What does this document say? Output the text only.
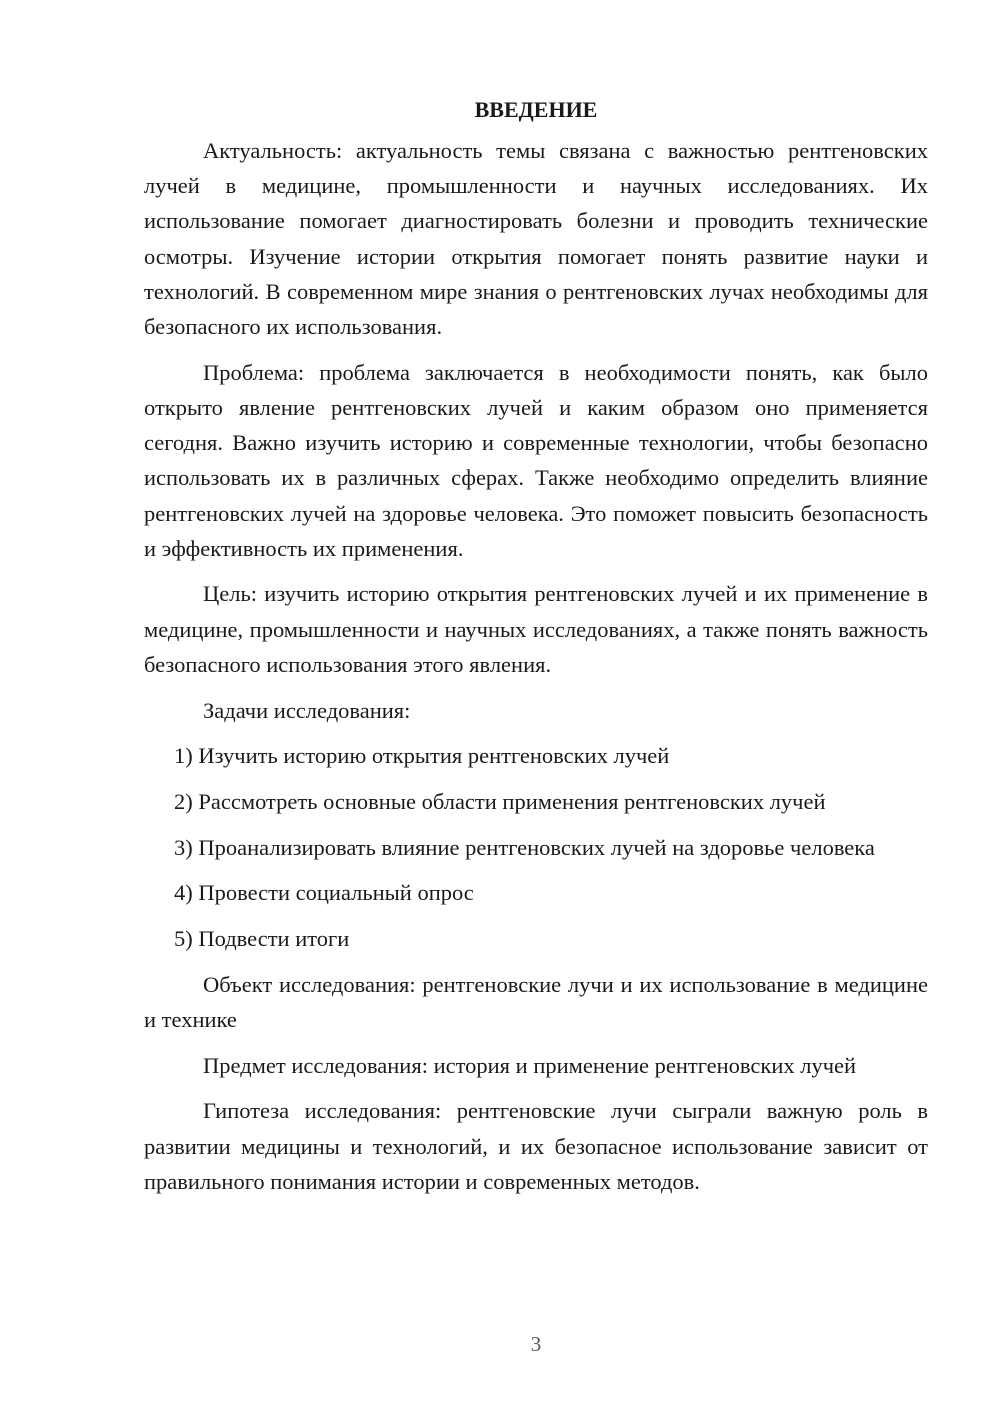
ВВЕДЕНИЕ

Актуальность: актуальность темы связана с важностью рентгеновских лучей в медицине, промышленности и научных исследованиях. Их использование помогает диагностировать болезни и проводить технические осмотры. Изучение истории открытия помогает понять развитие науки и технологий. В современном мире знания о рентгеновских лучах необходимы для безопасного их использования.

Проблема: проблема заключается в необходимости понять, как было открыто явление рентгеновских лучей и каким образом оно применяется сегодня. Важно изучить историю и современные технологии, чтобы безопасно использовать их в различных сферах. Также необходимо определить влияние рентгеновских лучей на здоровье человека. Это поможет повысить безопасность и эффективность их применения.

Цель: изучить историю открытия рентгеновских лучей и их применение в медицине, промышленности и научных исследованиях, а также понять важность безопасного использования этого явления.

Задачи исследования:

1) Изучить историю открытия рентгеновских лучей

2) Рассмотреть основные области применения рентгеновских лучей

3) Проанализировать влияние рентгеновских лучей на здоровье человека

4) Провести социальный опрос

5) Подвести итоги

Объект исследования: рентгеновские лучи и их использование в медицине и технике

Предмет исследования: история и применение рентгеновских лучей

Гипотеза исследования: рентгеновские лучи сыграли важную роль в развитии медицины и технологий, и их безопасное использование зависит от правильного понимания истории и современных методов.

3
